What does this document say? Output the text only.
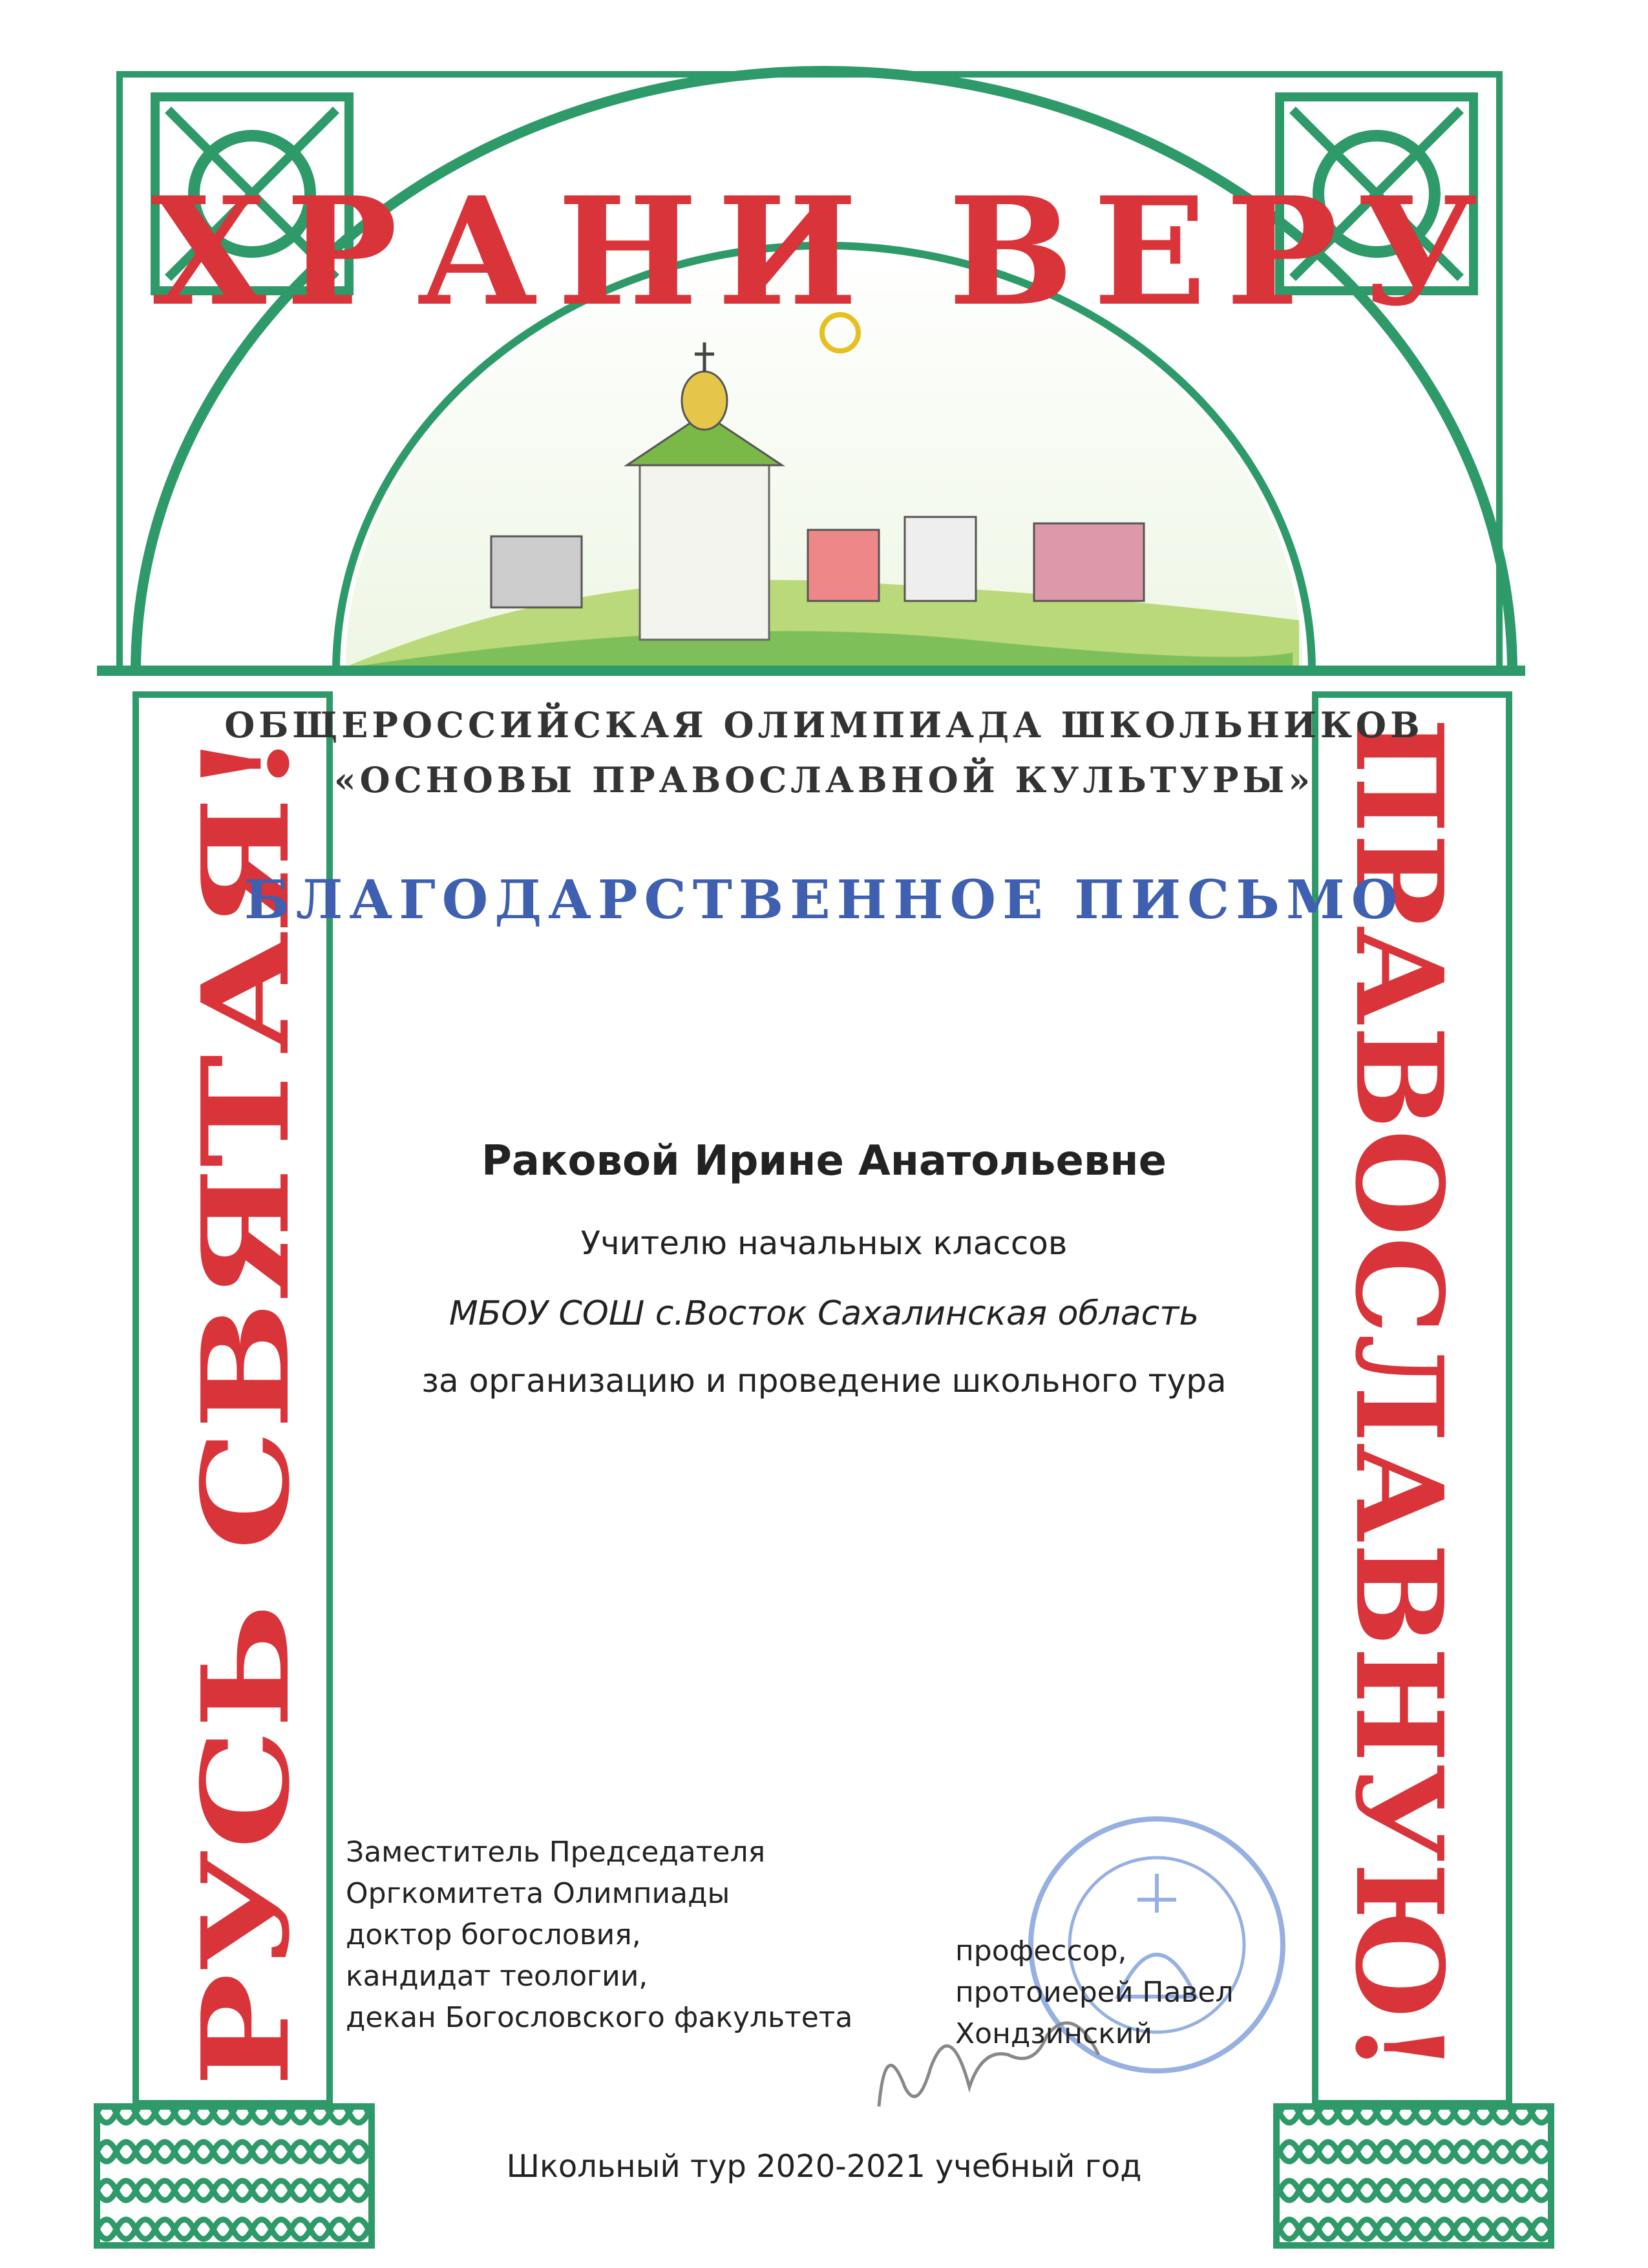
ХРАНИ ВЕРУ
РУСЬ СВЯТАЯ!	ПРАВОСЛАВНУЮ!

ОБЩЕРОССИЙСКАЯ ОЛИМПИАДА ШКОЛЬНИКОВ

«ОСНОВЫ ПРАВОСЛАВНОЙ КУЛЬТУРЫ»

БЛАГОДАРСТВЕННОЕ ПИСЬМО

Раковой Ирине Анатольевне

Учителю начальных классов

МБОУ СОШ с.Восток Сахалинская область

за организацию и проведение школьного тура

Заместитель Председателя
Оргкомитета Олимпиады
доктор богословия,
кандидат теологии,
декан Богословского факультета
профессор,
протоиерей Павел
Хондзинский

Школьный тур 2020-2021 учебный год
